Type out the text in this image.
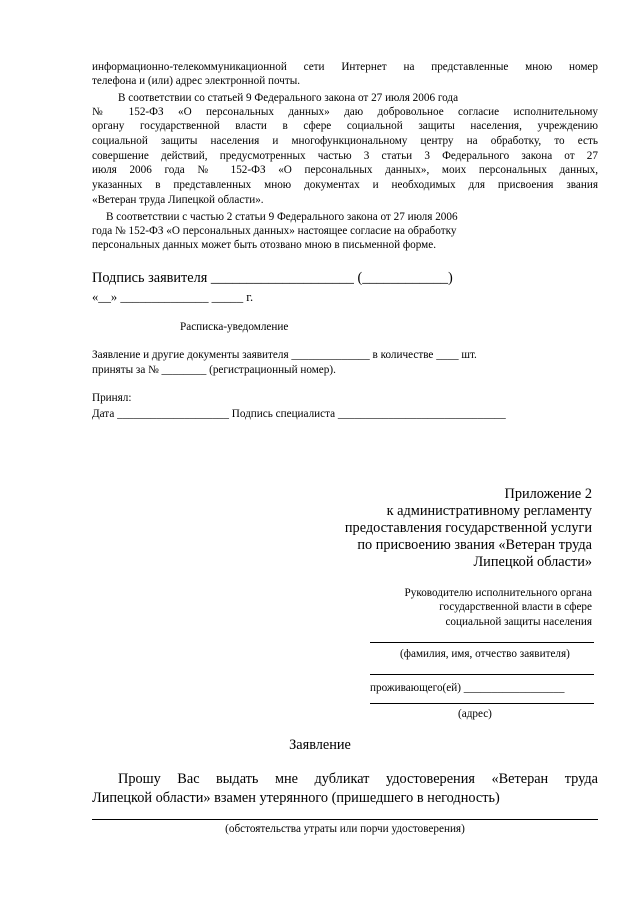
информационно-телекоммуникационной сети Интернет на представленные мною номер
телефона и (или) адрес электронной почты.
В соответствии со статьей 9 Федерального закона от 27 июля 2006 года
№ 152-ФЗ «О персональных данных» даю добровольное согласие исполнительному
органу государственной власти в сфере социальной защиты населения, учреждению
социальной защиты населения и многофункциональному центру на обработку, то есть
совершение действий, предусмотренных частью 3 статьи 3 Федерального закона от 27
июля 2006 года № 152-ФЗ «О персональных данных», моих персональных данных,
указанных в представленных мною документах и необходимых для присвоения звания
«Ветеран труда Липецкой области».
В соответствии с частью 2 статьи 9 Федерального закона от 27 июля 2006
года № 152-ФЗ «О персональных данных» настоящее согласие на обработку
персональных данных может быть отозвано мною в письменной форме.
Подпись заявителя ____________________ (____________)
«__» ______________ _____ г.
Расписка-уведомление
Заявление и другие документы заявителя ______________ в количестве ____ шт.
приняты за № ________ (регистрационный номер).
Принял:
Дата ____________________ Подпись специалиста ______________________________
Приложение 2
к административному регламенту
предоставления государственной услуги
по присвоению звания «Ветеран труда
Липецкой области»
Руководителю исполнительного органа
государственной власти в сфере
социальной защиты населения
(фамилия, имя, отчество заявителя)
проживающего(ей) __________________
(адрес)
Заявление
Прошу Вас выдать мне дубликат удостоверения «Ветеран труда
Липецкой области» взамен утерянного (пришедшего в негодность)
(обстоятельства утраты или порчи удостоверения)
